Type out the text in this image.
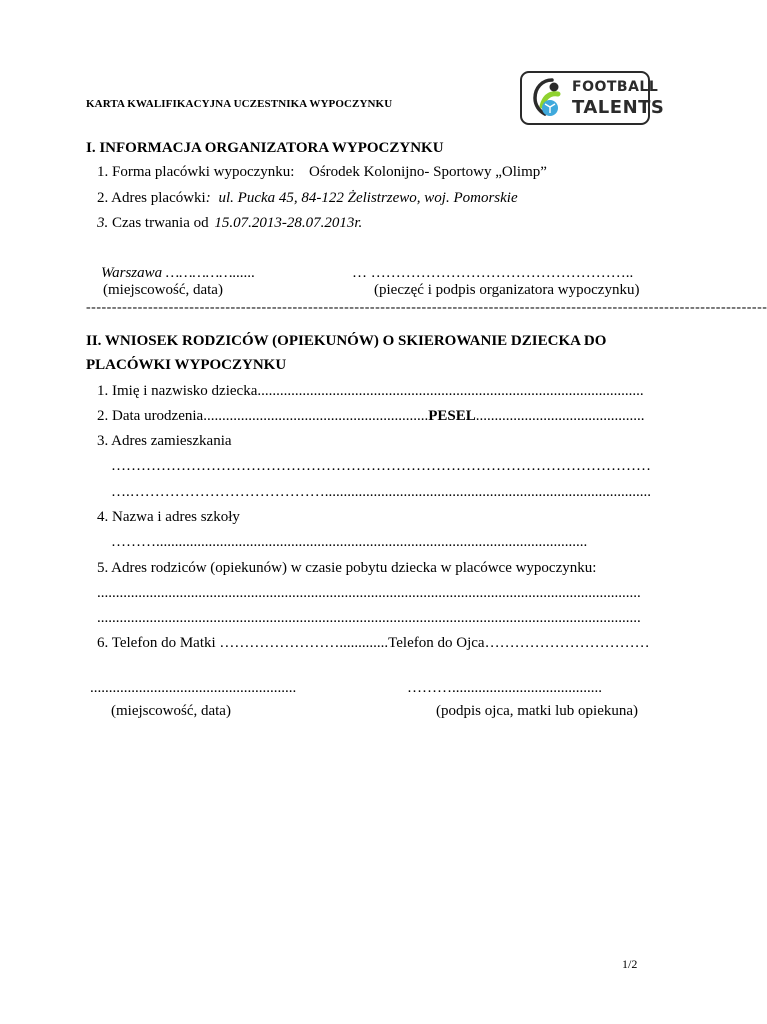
KARTA KWALIFIKACYJNA UCZESTNIKA WYPOCZYNKU
FOOTBALL
TALENTS
I. INFORMACJA ORGANIZATORA WYPOCZYNKU
1. Forma placówki wypoczynku: Ośrodek Kolonijno- Sportowy „Olimp”
2. Adres placówki: ul. Pucka 45, 84-122 Żelistrzewo, woj. Pomorskie
3. Czas trwania od 15.07.2013-28.07.2013r.
Warszawa ……………......
(miejscowość, data)
… ……………………………………………..
(pieczęć i podpis organizatora wypoczynku)
------------------------------------------------------------------------------------------------------------------------------------
II. WNIOSEK RODZICÓW (OPIEKUNÓW) O SKIEROWANIE DZIECKA DO
PLACÓWKI WYPOCZYNKU
1. Imię i nazwisko dziecka.......................................................................................................
2. Data urodzenia............................................................PESEL.............................................
3. Adres zamieszkania
………………………………………………………………………………………………
….………………………………….......................................................................................
4. Nazwa i adres szkoły
………...................................................................................................................
5. Adres rodziców (opiekunów) w czasie pobytu dziecka w placówce wypoczynku:
.................................................................................................................................................
.................................................................................................................................................
6. Telefon do Matki …………………….............Telefon do Ojca……………………………
.......................................................	………........................................
(miejscowość, data)	(podpis ojca, matki lub opiekuna)
1/2
